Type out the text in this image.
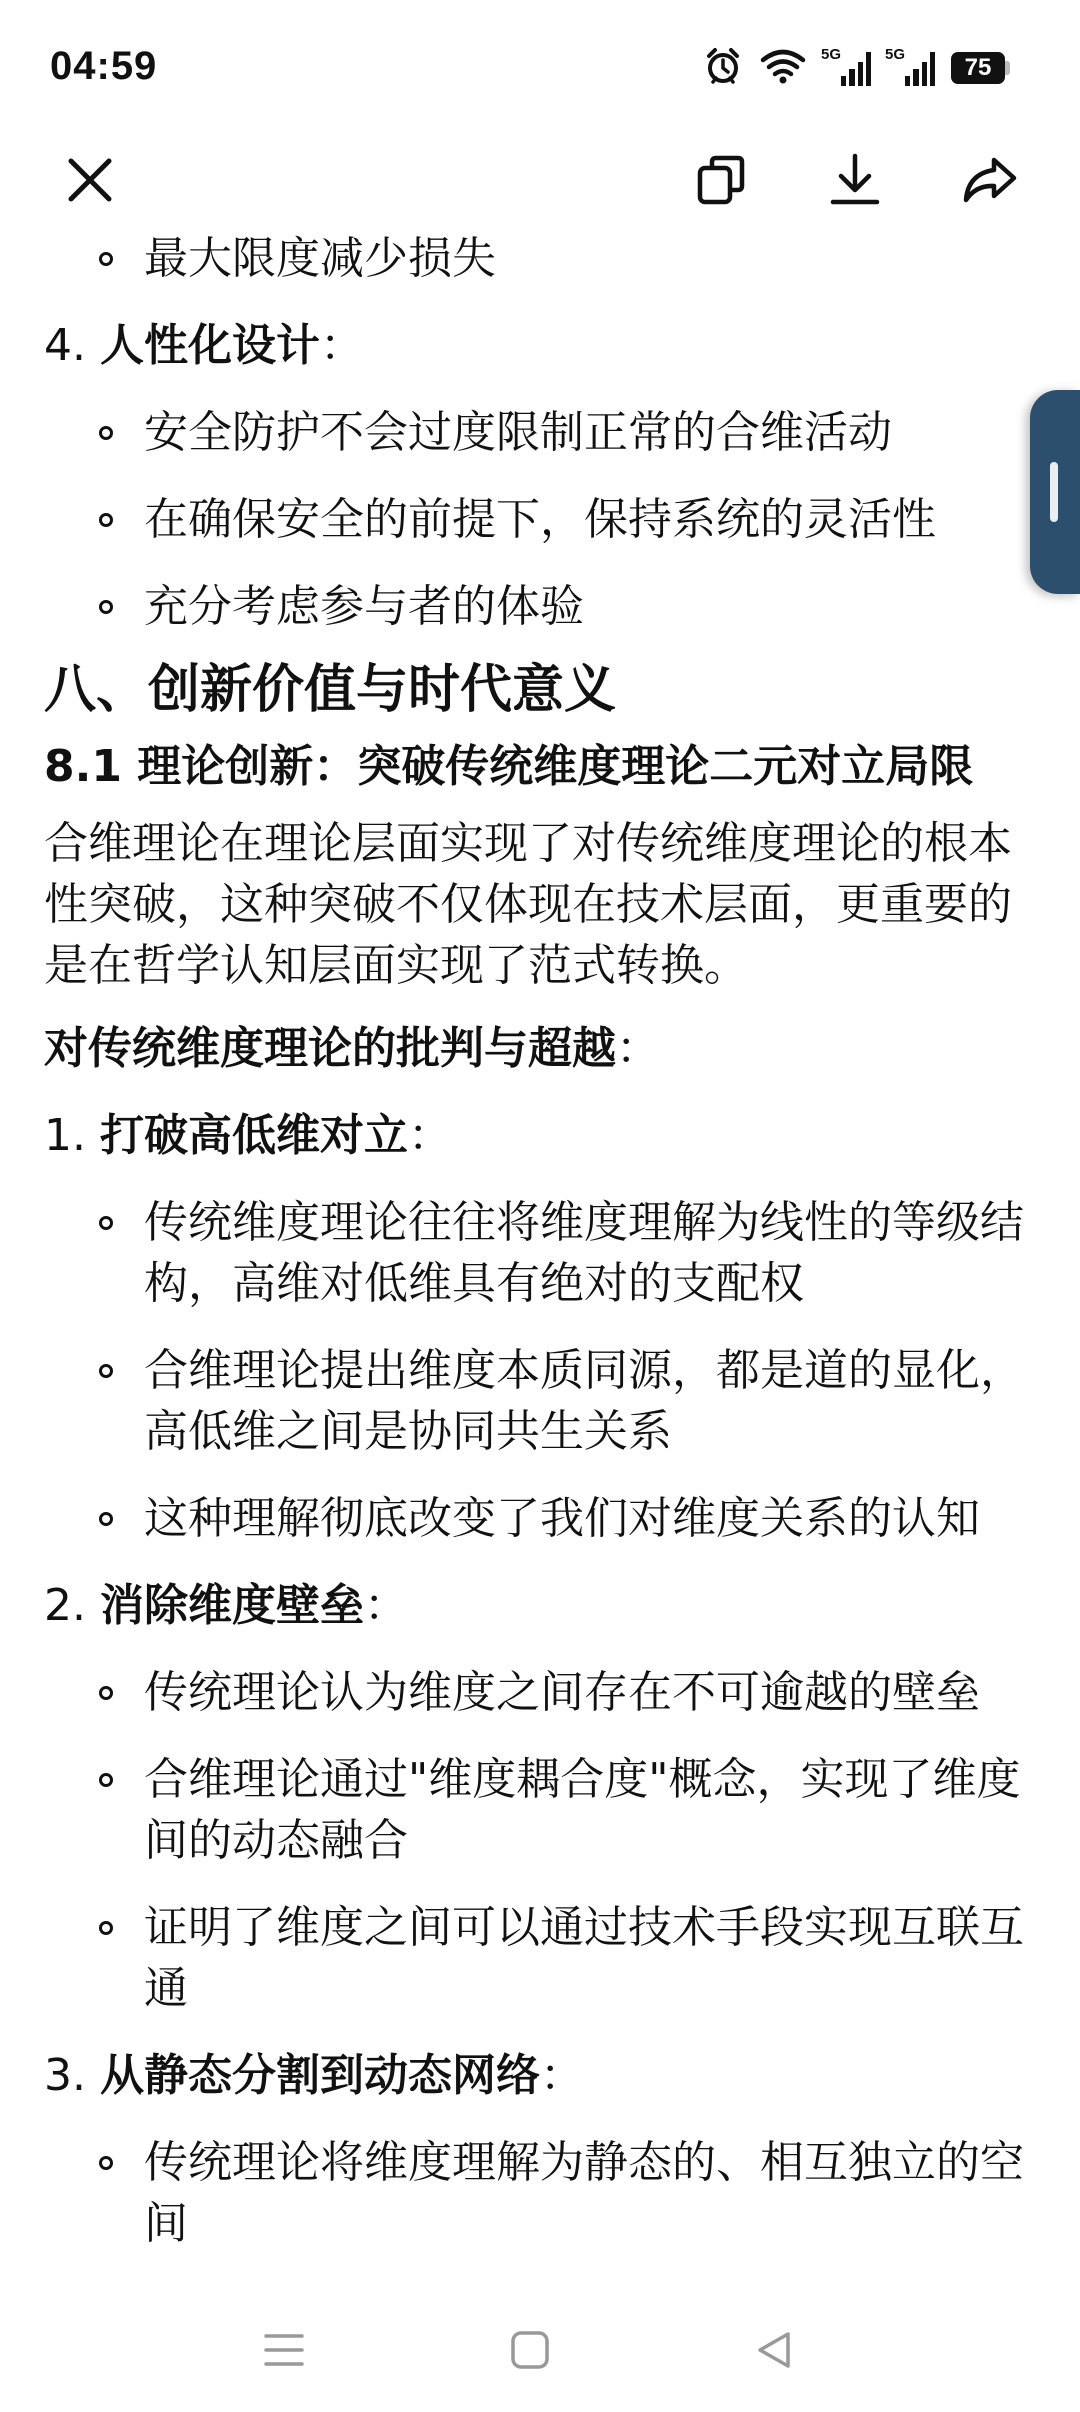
04:59	5G	5G	75
最大限度减少损失
4. 人性化设计：
安全防护不会过度限制正常的合维活动
在确保安全的前提下，保持系统的灵活性
充分考虑参与者的体验
八、创新价值与时代意义
8.1 理论创新：突破传统维度理论二元对立局限
合维理论在理论层面实现了对传统维度理论的根本性突破，这种突破不仅体现在技术层面，更重要的是在哲学认知层面实现了范式转换。
对传统维度理论的批判与超越：
1. 打破高低维对立：
传统维度理论往往将维度理解为线性的等级结构，高维对低维具有绝对的支配权
合维理论提出维度本质同源，都是道的显化，高低维之间是协同共生关系
这种理解彻底改变了我们对维度关系的认知
2. 消除维度壁垒：
传统理论认为维度之间存在不可逾越的壁垒
合维理论通过"维度耦合度"概念，实现了维度间的动态融合
证明了维度之间可以通过技术手段实现互联互通
3. 从静态分割到动态网络：
传统理论将维度理解为静态的、相互独立的空间
